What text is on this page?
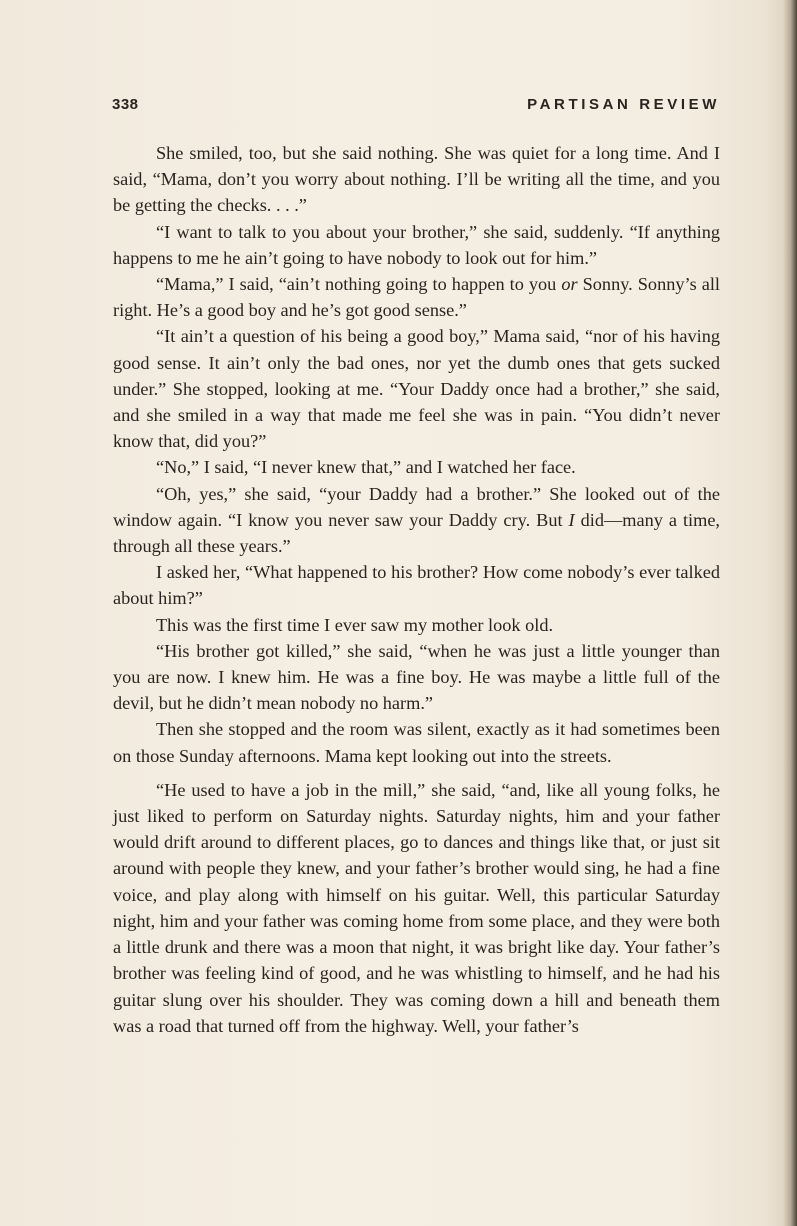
338	PARTISAN REVIEW

She smiled, too, but she said nothing. She was quiet for a long time. And I said, “Mama, don’t you worry about nothing. I’ll be writing all the time, and you be getting the checks. . . .”

“I want to talk to you about your brother,” she said, suddenly. “If anything happens to me he ain’t going to have nobody to look out for him.”

“Mama,” I said, “ain’t nothing going to happen to you or Sonny. Sonny’s all right. He’s a good boy and he’s got good sense.”

“It ain’t a question of his being a good boy,” Mama said, “nor of his having good sense. It ain’t only the bad ones, nor yet the dumb ones that gets sucked under.” She stopped, looking at me. “Your Daddy once had a brother,” she said, and she smiled in a way that made me feel she was in pain. “You didn’t never know that, did you?”

“No,” I said, “I never knew that,” and I watched her face.

“Oh, yes,” she said, “your Daddy had a brother.” She looked out of the window again. “I know you never saw your Daddy cry. But I did—many a time, through all these years.”

I asked her, “What happened to his brother? How come nobody’s ever talked about him?”

This was the first time I ever saw my mother look old.

“His brother got killed,” she said, “when he was just a little younger than you are now. I knew him. He was a fine boy. He was maybe a little full of the devil, but he didn’t mean nobody no harm.”

Then she stopped and the room was silent, exactly as it had sometimes been on those Sunday afternoons. Mama kept looking out into the streets.

“He used to have a job in the mill,” she said, “and, like all young folks, he just liked to perform on Saturday nights. Saturday nights, him and your father would drift around to different places, go to dances and things like that, or just sit around with people they knew, and your father’s brother would sing, he had a fine voice, and play along with himself on his guitar. Well, this particular Saturday night, him and your father was coming home from some place, and they were both a little drunk and there was a moon that night, it was bright like day. Your father’s brother was feeling kind of good, and he was whistling to himself, and he had his guitar slung over his shoulder. They was coming down a hill and beneath them was a road that turned off from the highway. Well, your father’s
